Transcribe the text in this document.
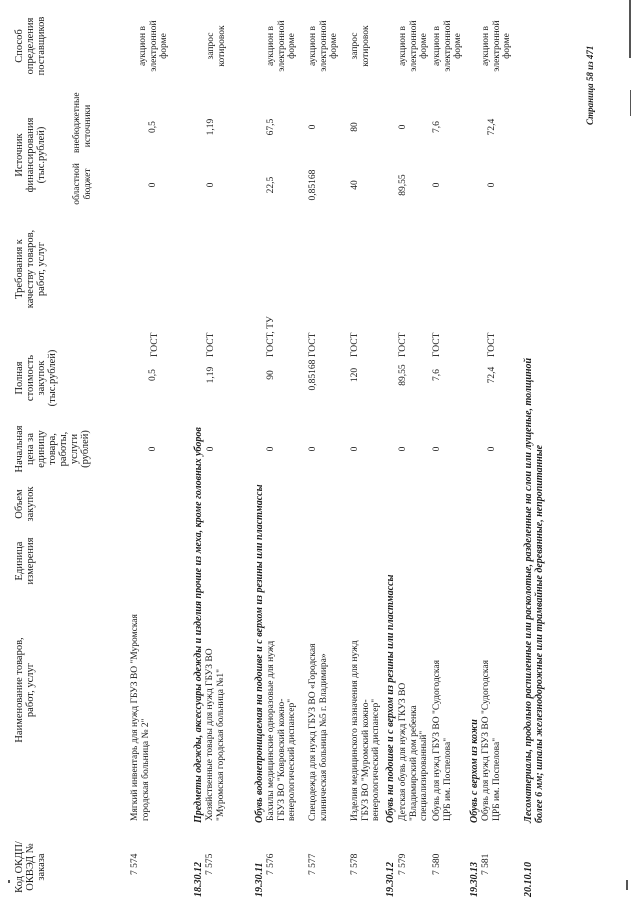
Код ОКДП/ ОКВЭД № заказа
Наименование товаров, работ, услуг
Единица измерения
Объем закупок
Начальная цена за единицу товара, работы, услуги (рублей)
Полная стоимость закупок (тыс.рублей)
Требования к качеству товаров, работ, услуг
Источник финансирования (тыс.рублей)
областной бюджет
внебюджетные источники
Способ определения поставщиков
7 574
Мягкий инвентарь для нужд ГБУЗ ВО "Муромская городская больница № 2"
0
0,5
ГОСТ
0
0,5
аукцион в электронной форме
18.30.12
Предметы одежды, аксессуары одежды и изделия прочие из меха, кроме головных уборов
7 575
Хозяйственные товары для нужд ГБУЗ ВО "Муромская городская больница №1"
0
1,19
ГОСТ
0
1,19
запрос котировок
19.30.11
Обувь водонепроницаемая на подошве и с верхом из резины или пластмассы
7 576
Бахилы медицинские одноразовые для нужд ГБУЗ ВО "Ковровский кожно-венерологический диспансер"
0
90
ГОСТ, ТУ
22,5
67,5
аукцион в электронной форме
7 577
Спецодежда для нужд ГБУЗ ВО «Городская клиническая больница №5 г. Владимира»
0
0,85168
ГОСТ
0,85168
0
аукцион в электронной форме
7 578
Изделия медицинского назначения для нужд ГБУЗ ВО "Муромский кожно-венерологический диспансер"
0
120
ГОСТ
40
80
запрос котировок
19.30.12
Обувь на подошве и с верхом из резины или пластмассы
7 579
Детская обувь для нужд ГКУЗ ВО "Владимирский дом ребенка специализированный"
0
89,55
ГОСТ
89,55
0
аукцион в электронной форме
7 580
Обувь для нужд ГБУЗ ВО "Судогодская ЦРБ им. Поспелова"
0
7,6
ГОСТ
0
7,6
аукцион в электронной форме
19.30.13
Обувь с верхом из кожи
7 581
Обувь для нужд ГБУЗ ВО "Судогодская ЦРБ им. Поспелова"
0
72,4
ГОСТ
0
72,4
аукцион в электронной форме
20.10.10
Лесоматериалы, продольно распиленные или расколотые, разделенные на слои или лущеные, толщиной более 6 мм; шпалы железнодорожные или трамвайные деревянные, непропитанные
Страница 58 из 471
